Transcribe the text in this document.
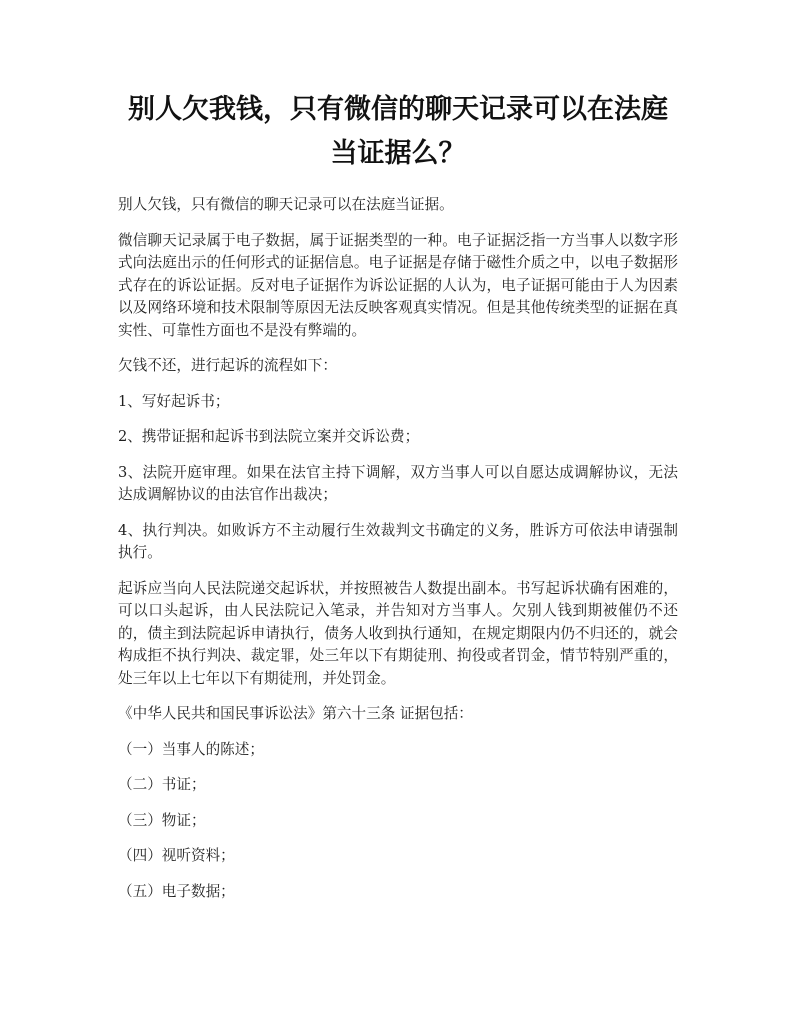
别人欠我钱，只有微信的聊天记录可以在法庭当证据么？

别人欠钱，只有微信的聊天记录可以在法庭当证据。

微信聊天记录属于电子数据，属于证据类型的一种。电子证据泛指一方当事人以数字形式向法庭出示的任何形式的证据信息。电子证据是存储于磁性介质之中，以电子数据形式存在的诉讼证据。反对电子证据作为诉讼证据的人认为，电子证据可能由于人为因素以及网络环境和技术限制等原因无法反映客观真实情况。但是其他传统类型的证据在真实性、可靠性方面也不是没有弊端的。

欠钱不还，进行起诉的流程如下：

1、写好起诉书；

2、携带证据和起诉书到法院立案并交诉讼费；

3、法院开庭审理。如果在法官主持下调解，双方当事人可以自愿达成调解协议，无法达成调解协议的由法官作出裁决；

4、执行判决。如败诉方不主动履行生效裁判文书确定的义务，胜诉方可依法申请强制执行。

起诉应当向人民法院递交起诉状，并按照被告人数提出副本。书写起诉状确有困难的，可以口头起诉，由人民法院记入笔录，并告知对方当事人。欠别人钱到期被催仍不还的，债主到法院起诉申请执行，债务人收到执行通知，在规定期限内仍不归还的，就会构成拒不执行判决、裁定罪，处三年以下有期徒刑、拘役或者罚金，情节特别严重的，处三年以上七年以下有期徒刑，并处罚金。

《中华人民共和国民事诉讼法》第六十三条 证据包括：

（一）当事人的陈述；

（二）书证；

（三）物证；

（四）视听资料；

（五）电子数据；
